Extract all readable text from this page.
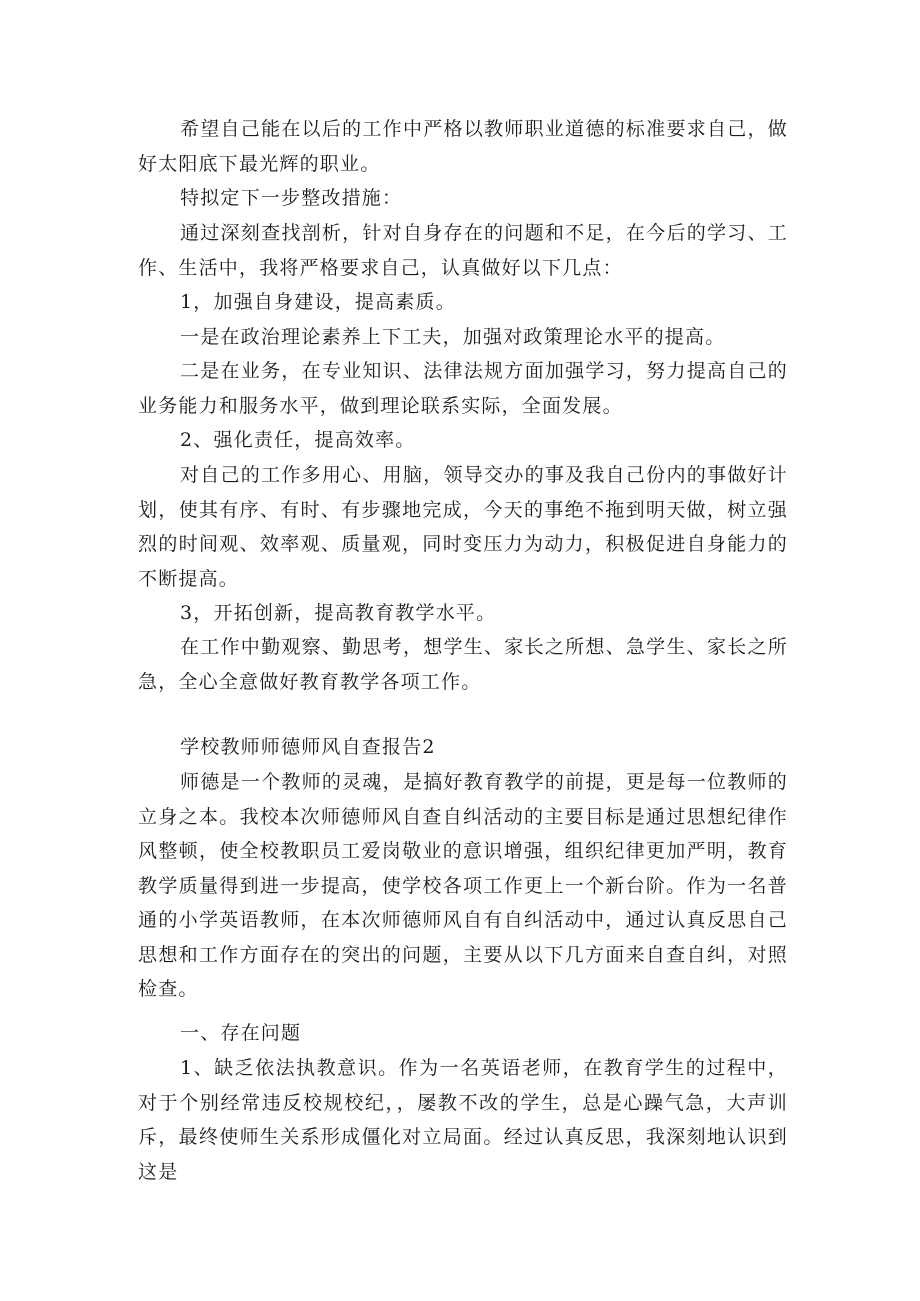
希望自己能在以后的工作中严格以教师职业道德的标准要求自己，做好太阳底下最光辉的职业。

特拟定下一步整改措施：

通过深刻查找剖析，针对自身存在的问题和不足，在今后的学习、工作、生活中，我将严格要求自己，认真做好以下几点：

1，加强自身建设，提高素质。

一是在政治理论素养上下工夫，加强对政策理论水平的提高。

二是在业务，在专业知识、法律法规方面加强学习，努力提高自己的业务能力和服务水平，做到理论联系实际，全面发展。

2、强化责任，提高效率。

对自己的工作多用心、用脑，领导交办的事及我自己份内的事做好计划，使其有序、有时、有步骤地完成，今天的事绝不拖到明天做，树立强烈的时间观、效率观、质量观，同时变压力为动力，积极促进自身能力的不断提高。

3，开拓创新，提高教育教学水平。

在工作中勤观察、勤思考，想学生、家长之所想、急学生、家长之所急，全心全意做好教育教学各项工作。

学校教师师德师风自查报告2

师德是一个教师的灵魂，是搞好教育教学的前提，更是每一位教师的立身之本。我校本次师德师风自查自纠活动的主要目标是通过思想纪律作风整顿，使全校教职员工爱岗敬业的意识增强，组织纪律更加严明，教育教学质量得到进一步提高，使学校各项工作更上一个新台阶。作为一名普通的小学英语教师，在本次师德师风自有自纠活动中，通过认真反思自己思想和工作方面存在的突出的问题，主要从以下几方面来自查自纠，对照检查。

一、存在问题

1、缺乏依法执教意识。作为一名英语老师，在教育学生的过程中，对于个别经常违反校规校纪，，屡教不改的学生，总是心躁气急，大声训斥，最终使师生关系形成僵化对立局面。经过认真反思，我深刻地认识到这是
